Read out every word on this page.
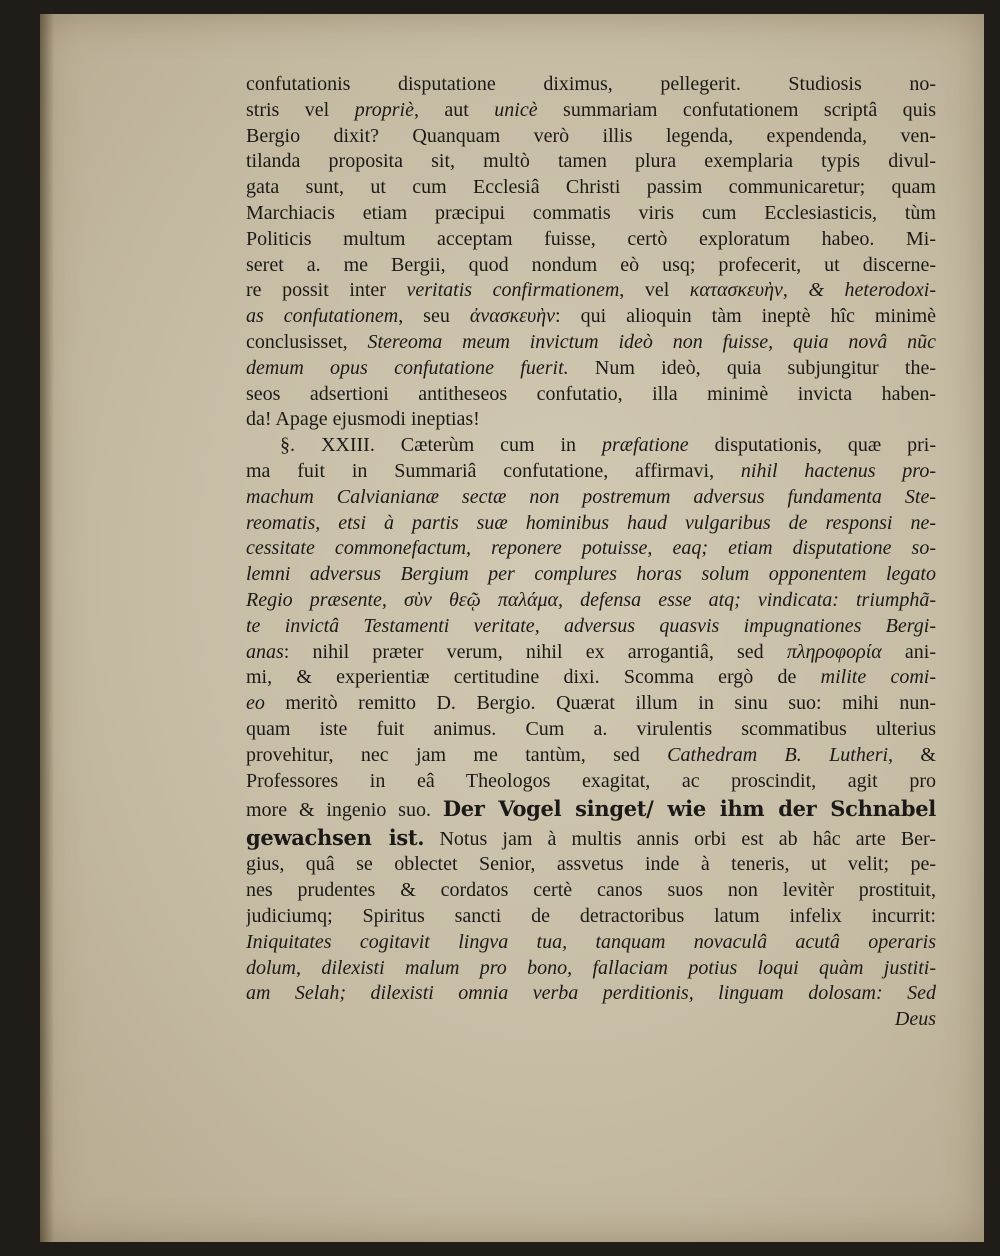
confutationis disputatione diximus, pellegerit. Studiosis no-
stris vel propriè, aut unicè summariam confutationem scriptâ quis
Bergio dixit? Quanquam verò illis legenda, expendenda, ven-
tilanda proposita sit, multò tamen plura exemplaria typis divul-
gata sunt, ut cum Ecclesiâ Christi passim communicaretur; quam
Marchiacis etiam præcipui commatis viris cum Ecclesiasticis, tùm
Politicis multum acceptam fuisse, certò exploratum habeo. Mi-
seret a. me Bergii, quod nondum eò usq; profecerit, ut discerne-
re possit inter veritatis confirmationem, vel κατασκευὴν, & heterodoxi-
as confutationem, seu ἀνασκευὴν: qui alioquin tàm ineptè hîc minimè
conclusisset, Stereoma meum invictum ideò non fuisse, quia novâ nũc
demum opus confutatione fuerit. Num ideò, quia subjungitur the-
seos adsertioni antitheseos confutatio, illa minimè invicta haben-
da! Apage ejusmodi ineptias!
§. XXIII. Cæterùm cum in præfatione disputationis, quæ pri-
ma fuit in Summariâ confutatione, affirmavi, nihil hactenus pro-
machum Calvianianæ sectæ non postremum adversus fundamenta Ste-
reomatis, etsi à partis suæ hominibus haud vulgaribus de responsi ne-
cessitate commonefactum, reponere potuisse, eaq; etiam disputatione so-
lemni adversus Bergium per complures horas solum opponentem legato
Regio præsente, σὺν θεῷ παλάμα, defensa esse atq; vindicata: triumphã-
te invictâ Testamenti veritate, adversus quasvis impugnationes Bergi-
anas: nihil præter verum, nihil ex arrogantiâ, sed πληροφορία ani-
mi, & experientiæ certitudine dixi. Scomma ergò de milite comi-
eo meritò remitto D. Bergio. Quærat illum in sinu suo: mihi nun-
quam iste fuit animus. Cum a. virulentis scommatibus ulterius
provehitur, nec jam me tantùm, sed Cathedram B. Lutheri, &
Professores in eâ Theologos exagitat, ac proscindit, agit pro
more & ingenio suo. Der Vogel singet/ wie ihm der Schnabel
gewachsen ist. Notus jam à multis annis orbi est ab hâc arte Ber-
gius, quâ se oblectet Senior, assvetus inde à teneris, ut velit; pe-
nes prudentes & cordatos certè canos suos non levitèr prostituit,
judiciumq; Spiritus sancti de detractoribus latum infelix incurrit:
Iniquitates cogitavit lingva tua, tanquam novaculâ acutâ operaris
dolum, dilexisti malum pro bono, fallaciam potius loqui quàm justiti-
am Selah; dilexisti omnia verba perditionis, linguam dolosam: Sed
Deus
